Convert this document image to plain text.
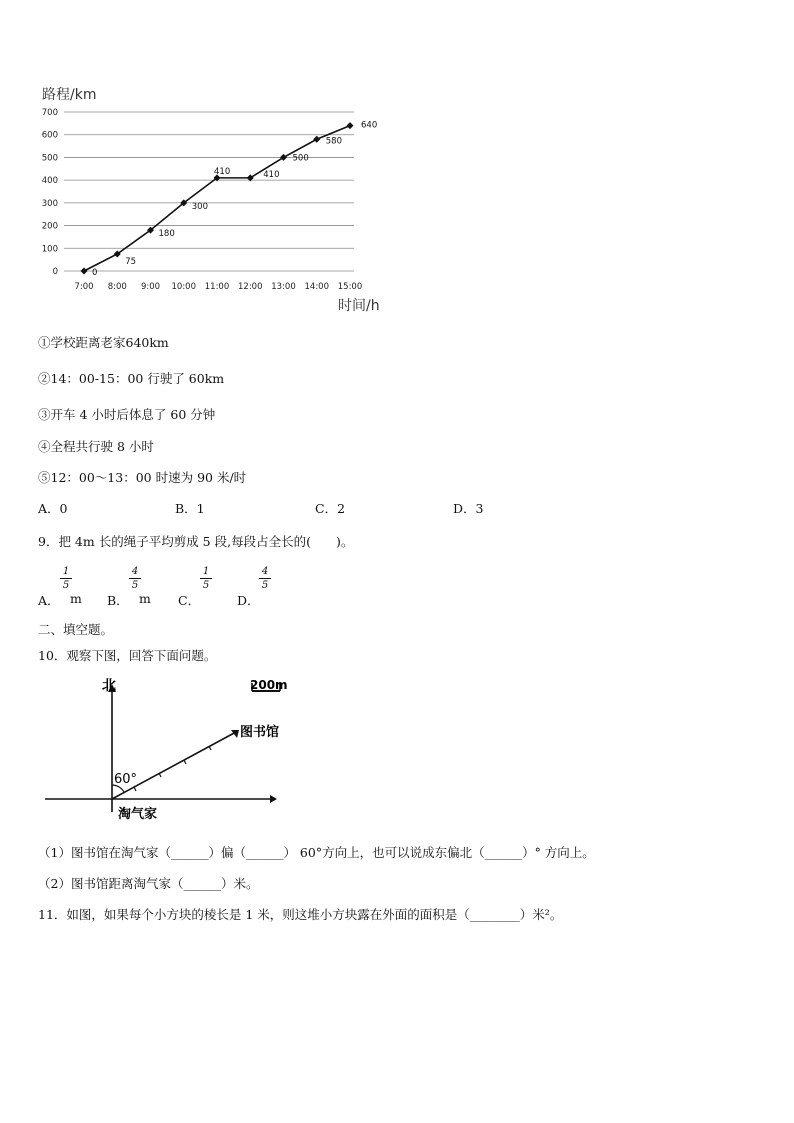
路程/km
0
100
200
300
400
500
600
700
7:00 8:00 9:00 10:00 11:00 12:00 13:00 14:00 15:00
0
75
180
300
410	410
500
580
640
时间/h
①学校距离老家640km
②14：00-15：00 行驶了 60km
③开车 4 小时后体息了 60 分钟
④全程共行驶 8 小时
⑤12：00～13：00 时速为 90 米/时
A．0	B．1	C．2	D．3
9．把 4m 长的绳子平均剪成 5 段,每段占全长的(　　)。
A．
1
5
m B．
4
5
m C．
1
5
D．
4
5
二、填空题。
10．观察下图，回答下面问题。
北	200m
图书馆
60°
淘气家
（1）图书馆在淘气家（______）偏（______） 60°方向上，也可以说成东偏北（______）° 方向上。
（2）图书馆距离淘气家（______）米。
11．如图，如果每个小方块的棱长是 1 米，则这堆小方块露在外面的面积是（________）米²。
